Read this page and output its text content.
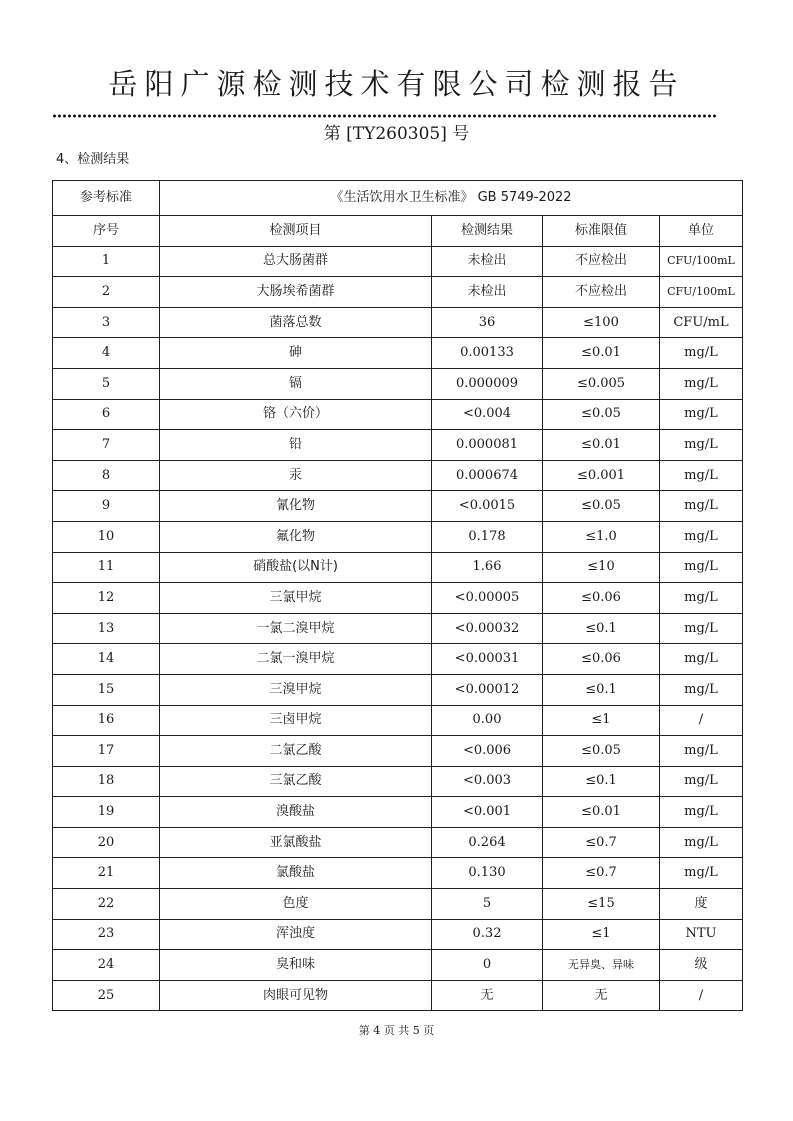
岳阳广源检测技术有限公司检测报告
第 [TY260305] 号
4、检测结果
参考标准	《生活饮用水卫生标准》 GB 5749-2022			
序号	检测项目	检测结果	标准限值	单位
1	总大肠菌群	未检出	不应检出	CFU/100mL
2	大肠埃希菌群	未检出	不应检出	CFU/100mL
3	菌落总数	36	≤100	CFU/mL
4	砷	0.00133	≤0.01	mg/L
5	镉	0.000009	≤0.005	mg/L
6	铬（六价）	<0.004	≤0.05	mg/L
7	铅	0.000081	≤0.01	mg/L
8	汞	0.000674	≤0.001	mg/L
9	氰化物	<0.0015	≤0.05	mg/L
10	氟化物	0.178	≤1.0	mg/L
11	硝酸盐(以N计)	1.66	≤10	mg/L
12	三氯甲烷	<0.00005	≤0.06	mg/L
13	一氯二溴甲烷	<0.00032	≤0.1	mg/L
14	二氯一溴甲烷	<0.00031	≤0.06	mg/L
15	三溴甲烷	<0.00012	≤0.1	mg/L
16	三卤甲烷	0.00	≤1	/
17	二氯乙酸	<0.006	≤0.05	mg/L
18	三氯乙酸	<0.003	≤0.1	mg/L
19	溴酸盐	<0.001	≤0.01	mg/L
20	亚氯酸盐	0.264	≤0.7	mg/L
21	氯酸盐	0.130	≤0.7	mg/L
22	色度	5	≤15	度
23	浑浊度	0.32	≤1	NTU
24	臭和味	0	无异臭、异味	级
25	肉眼可见物	无	无	/
第 4 页 共 5 页
